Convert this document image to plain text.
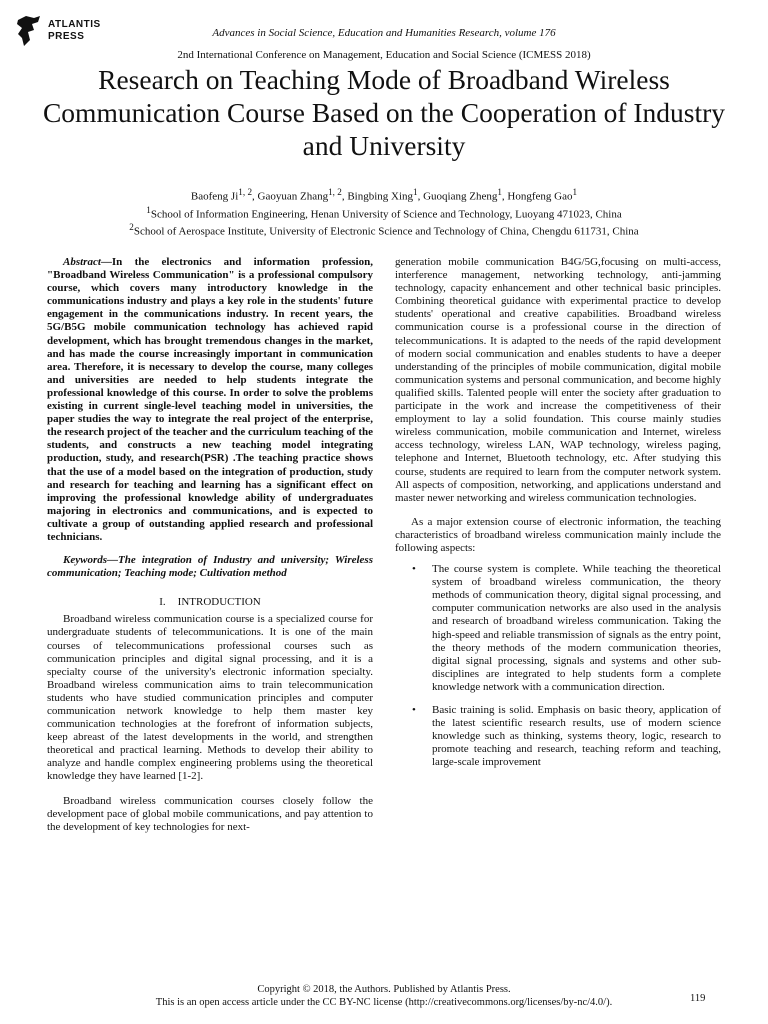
ATLANTIS
PRESS	Advances in Social Science, Education and Humanities Research, volume 176
2nd International Conference on Management, Education and Social Science (ICMESS 2018)
Research on Teaching Mode of Broadband Wireless Communication Course Based on the Cooperation of Industry and University
Baofeng Ji$^{1, 2}$, Gaoyuan Zhang$^{1, 2}$, Bingbing Xing$^1$, Guoqiang Zheng$^1$, Hongfeng Gao$^1$
$^1$School of Information Engineering, Henan University of Science and Technology, Luoyang 471023, China
$^2$School of Aerospace Institute, University of Electronic Science and Technology of China, Chengdu 611731, China

Abstract—In the electronics and information profession, "Broadband Wireless Communication" is a professional compulsory course, which covers many introductory knowledge in the communications industry and plays a key role in the students' future engagement in the communications industry. In recent years, the 5G/B5G mobile communication technology has achieved rapid development, which has brought tremendous changes in the market, and has made the course increasingly important in communication area. Therefore, it is necessary to develop the course, many colleges and universities are needed to help students integrate the professional knowledge of this course. In order to solve the problems existing in current single-level teaching model in universities, the paper studies the way to integrate the real project of the enterprise, the research project of the teacher and the curriculum teaching of the students, and constructs a new teaching model integrating production, study, and research(PSR) .The teaching practice shows that the use of a model based on the integration of production, study and research for teaching and learning has a significant effect on improving the professional knowledge ability of undergraduates majoring in electronics and communications, and is expected to cultivate a group of outstanding applied research and professional technicians.

Keywords—The integration of Industry and university; Wireless communication; Teaching mode; Cultivation method

I. INTRODUCTION

Broadband wireless communication course is a specialized course for undergraduate students of telecommunications. It is one of the main courses of telecommunications professional courses such as communication principles and digital signal processing, and it is a specialty course of the university's electronic information specialty. Broadband wireless communication aims to train telecommunication students who have studied communication principles and computer communication network knowledge to help them master key communication technologies at the forefront of information subjects, keep abreast of the latest developments in the world, and strengthen theoretical and practical learning. Methods to develop their ability to analyze and handle complex engineering problems using the theoretical knowledge they have learned [1-2].

Broadband wireless communication courses closely follow the development pace of global mobile communications, and pay attention to the development of key technologies for next-

generation mobile communication B4G/5G,focusing on multi-access, interference management, networking technology, anti-jamming technology, capacity enhancement and other technical basic principles. Combining theoretical guidance with experimental practice to develop students' operational and creative capabilities. Broadband wireless communication course is a professional course in the direction of telecommunications. It is adapted to the needs of the rapid development of modern social communication and enables students to have a deeper understanding of the principles of mobile communication, digital mobile communication systems and personal communication, and become highly qualified skills. Talented people will enter the society after graduation to participate in the work and increase the competitiveness of their employment to lay a solid foundation. This course mainly studies wireless communication, mobile communication and Internet, wireless access technology, wireless LAN, WAP technology, wireless paging, telephone and Internet, Bluetooth technology, etc. After studying this course, students are required to learn from the computer network system. All aspects of composition, networking, and applications understand and master newer networking and wireless communication technologies.

As a major extension course of electronic information, the teaching characteristics of broadband wireless communication mainly include the following aspects:

• The course system is complete. While teaching the theoretical system of broadband wireless communication, the theory methods of communication theory, digital signal processing, and computer communication networks are also used in the analysis and research of broadband wireless communication. Taking the high-speed and reliable transmission of signals as the entry point, the theory methods of the modern communication theories, digital signal processing, signals and systems and other sub-disciplines are integrated to help students form a complete knowledge network with a communication direction.
• Basic training is solid. Emphasis on basic theory, application of the latest scientific research results, use of modern science knowledge such as thinking, systems theory, logic, research to promote teaching and research, teaching reform and teaching, large-scale improvement
Copyright © 2018, the Authors. Published by Atlantis Press.
This is an open access article under the CC BY-NC license (http://creativecommons.org/licenses/by-nc/4.0/).	119
